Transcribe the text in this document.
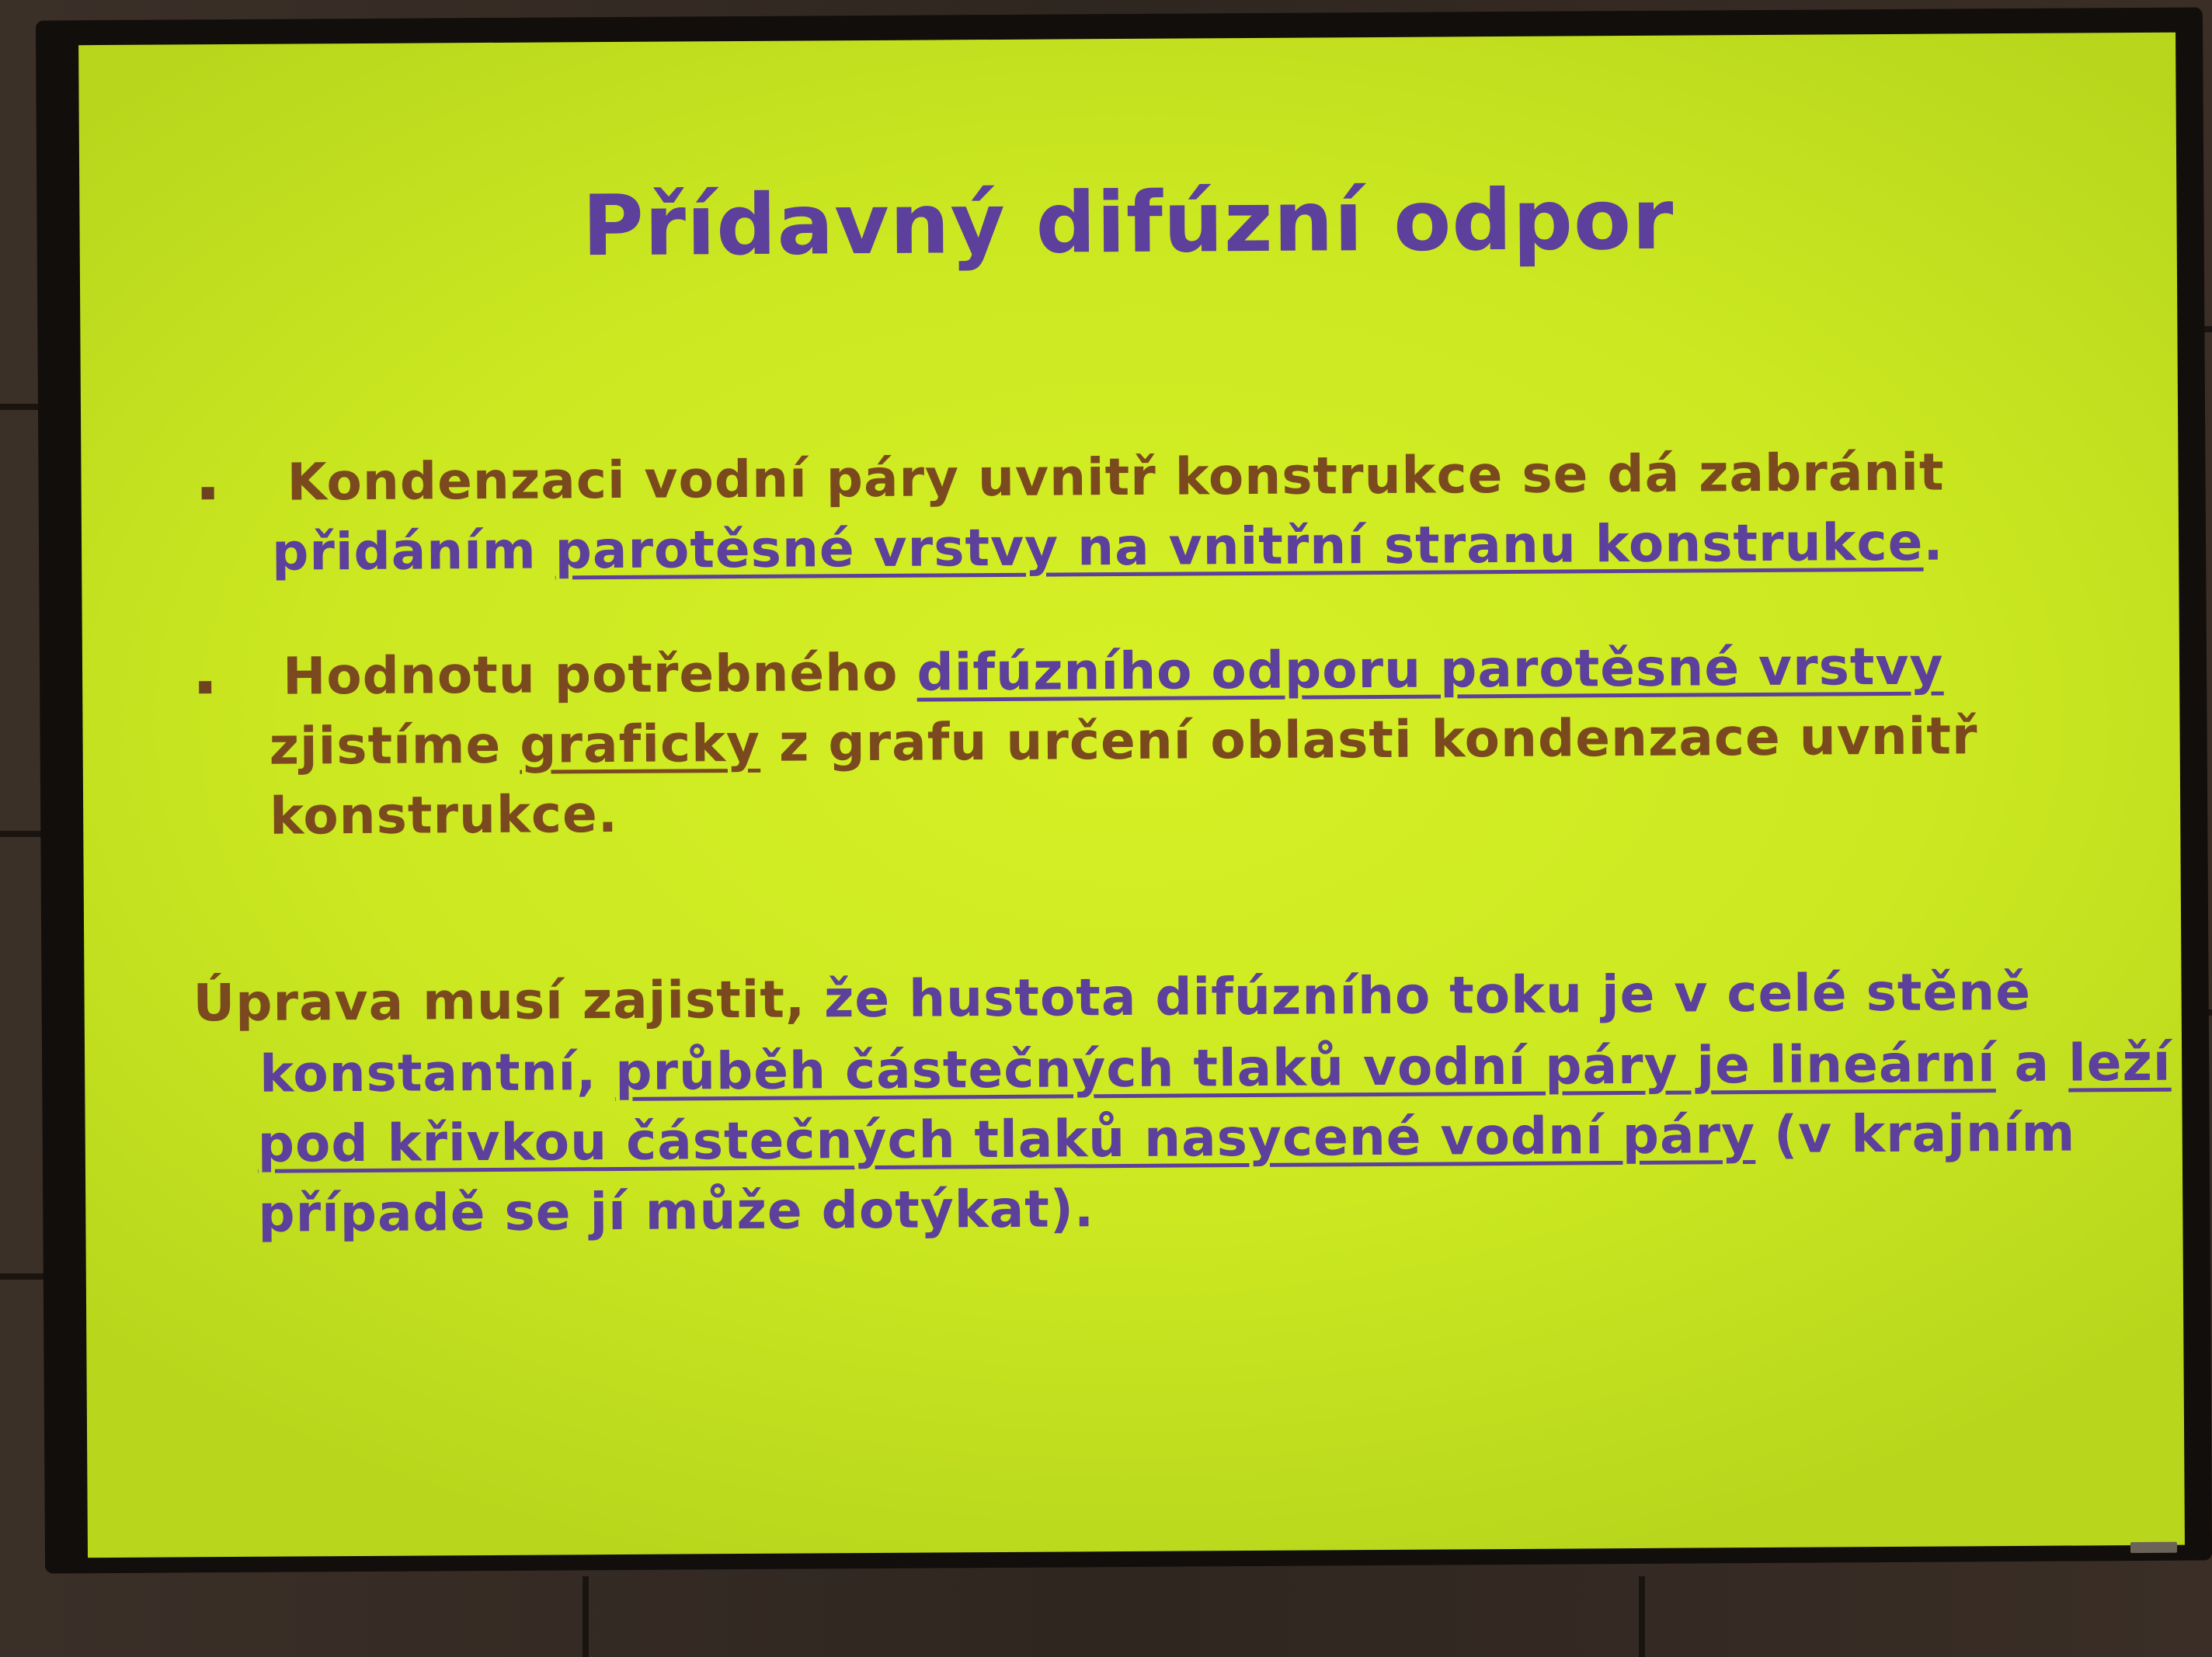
Přídavný difúzní odpor
Kondenzaci vodní páry uvnitř konstrukce se dá zabránit
přidáním parotěsné vrstvy na vnitřní stranu konstrukce.
Hodnotu potřebného difúzního odporu parotěsné vrstvy
zjistíme graficky z grafu určení oblasti kondenzace uvnitř
konstrukce.
Úprava musí zajistit, že hustota difúzního toku je v celé stěně
konstantní, průběh částečných tlaků vodní páry je lineární a leží
pod křivkou částečných tlaků nasycené vodní páry (v krajním
případě se jí může dotýkat).
